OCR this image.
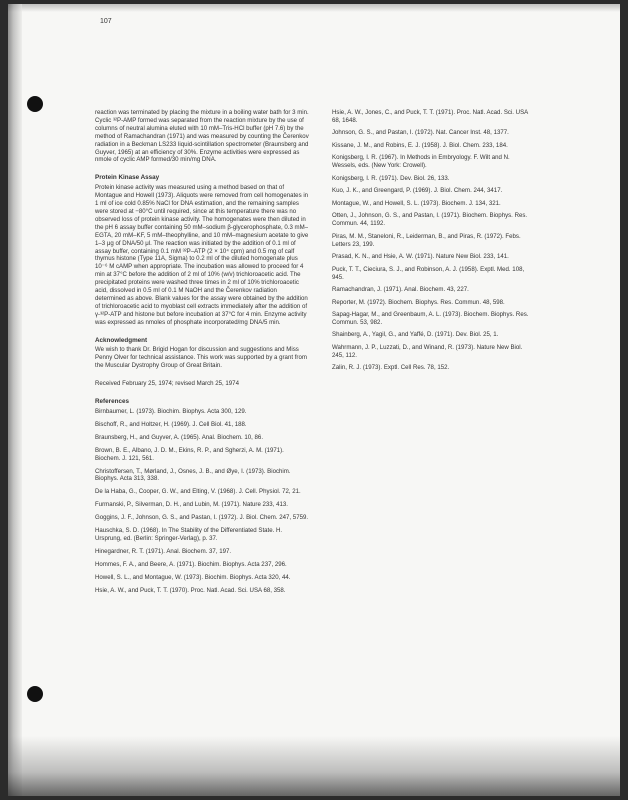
107

reaction was terminated by placing the mixture in a boiling water bath for 3 min. Cyclic ³²P-AMP formed was separated from the reaction mixture by the use of columns of neutral alumina eluted with 10 mM–Tris-HCl buffer (pH 7.6) by the method of Ramachandran (1971) and was measured by counting the Čerenkov radiation in a Beckman LS233 liquid-scintillation spectrometer (Braunsberg and Guyver, 1965) at an efficiency of 30%. Enzyme activities were expressed as nmole of cyclic AMP formed/30 min/mg DNA.

Protein Kinase Assay

Protein kinase activity was measured using a method based on that of Montague and Howell (1973). Aliquots were removed from cell homogenates in 1 ml of ice cold 0.85% NaCl for DNA estimation, and the remaining samples were stored at −80°C until required, since at this temperature there was no observed loss of protein kinase activity. The homogenates were then diluted in the pH 6 assay buffer containing 50 mM–sodium β-glycerophosphate, 0.3 mM–EGTA, 20 mM–KF, 5 mM–theophylline, and 10 mM–magnesium acetate to give 1–3 μg of DNA/50 μl. The reaction was initiated by the addition of 0.1 ml of assay buffer, containing 0.1 mM ³²P–ATP (2 × 10⁴ cpm) and 0.5 mg of calf thymus histone (Type 11A, Sigma) to 0.2 ml of the diluted homogenate plus 10⁻⁶ M cAMP when appropriate. The incubation was allowed to proceed for 4 min at 37°C before the addition of 2 ml of 10% (w/v) trichloroacetic acid. The precipitated proteins were washed three times in 2 ml of 10% trichloroacetic acid, dissolved in 0.5 ml of 0.1 M NaOH and the Čerenkov radiation determined as above. Blank values for the assay were obtained by the addition of trichloroacetic acid to myoblast cell extracts immediately after the addition of γ-³²P-ATP and histone but before incubation at 37°C for 4 min. Enzyme activity was expressed as nmoles of phosphate incorporated/mg DNA/5 min.

Acknowledgment

We wish to thank Dr. Brigid Hogan for discussion and suggestions and Miss Penny Olver for technical assistance. This work was supported by a grant from the Muscular Dystrophy Group of Great Britain.

Received February 25, 1974; revised March 25, 1974

References

Birnbaumer, L. (1973). Biochim. Biophys. Acta 300, 129.

Bischoff, R., and Holtzer, H. (1969). J. Cell Biol. 41, 188.

Braunsberg, H., and Guyver, A. (1965). Anal. Biochem. 10, 86.

Brown, B. E., Albano, J. D. M., Ekins, R. P., and Sgherzi, A. M. (1971). Biochem. J. 121, 561.

Christoffersen, T., Mørland, J., Osnes, J. B., and Øye, I. (1973). Biochim. Biophys. Acta 313, 338.

De la Haba, G., Cooper, G. W., and Elting, V. (1968). J. Cell. Physiol. 72, 21.

Furmanski, P., Silverman, D. H., and Lubin, M. (1971). Nature 233, 413.

Goggins, J. F., Johnson, G. S., and Pastan, I. (1972). J. Biol. Chem. 247, 5759.

Hauschka, S. D. (1968). In The Stability of the Differentiated State. H. Ursprung, ed. (Berlin: Springer-Verlag), p. 37.

Hinegardner, R. T. (1971). Anal. Biochem. 37, 197.

Hommes, F. A., and Beere, A. (1971). Biochim. Biophys. Acta 237, 296.

Howell, S. L., and Montague, W. (1973). Biochim. Biophys. Acta 320, 44.

Hsie, A. W., and Puck, T. T. (1970). Proc. Natl. Acad. Sci. USA 68, 358.

Hsie, A. W., Jones, C., and Puck, T. T. (1971). Proc. Natl. Acad. Sci. USA 68, 1648.

Johnson, G. S., and Pastan, I. (1972). Nat. Cancer Inst. 48, 1377.

Kissane, J. M., and Robins, E. J. (1958). J. Biol. Chem. 233, 184.

Konigsberg, I. R. (1967). In Methods in Embryology. F. Wilt and N. Wessels, eds. (New York: Crowell).

Konigsberg, I. R. (1971). Dev. Biol. 26, 133.

Kuo, J. K., and Greengard, P. (1969). J. Biol. Chem. 244, 3417.

Montague, W., and Howell, S. L. (1973). Biochem. J. 134, 321.

Otten, J., Johnson, G. S., and Pastan, I. (1971). Biochem. Biophys. Res. Commun. 44, 1192.

Piras, M. M., Staneloni, R., Leiderman, B., and Piras, R. (1972). Febs. Letters 23, 199.

Prasad, K. N., and Hsie, A. W. (1971). Nature New Biol. 233, 141.

Puck, T. T., Cieciura, S. J., and Robinson, A. J. (1958). Exptl. Med. 108, 945.

Ramachandran, J. (1971). Anal. Biochem. 43, 227.

Reporter, M. (1972). Biochem. Biophys. Res. Commun. 48, 598.

Sapag-Hagar, M., and Greenbaum, A. L. (1973). Biochem. Biophys. Res. Commun. 53, 982.

Shainberg, A., Yagil, G., and Yaffé, D. (1971). Dev. Biol. 25, 1.

Wahrmann, J. P., Luzzati, D., and Winand, R. (1973). Nature New Biol. 245, 112.

Zalin, R. J. (1973). Exptl. Cell Res. 78, 152.
